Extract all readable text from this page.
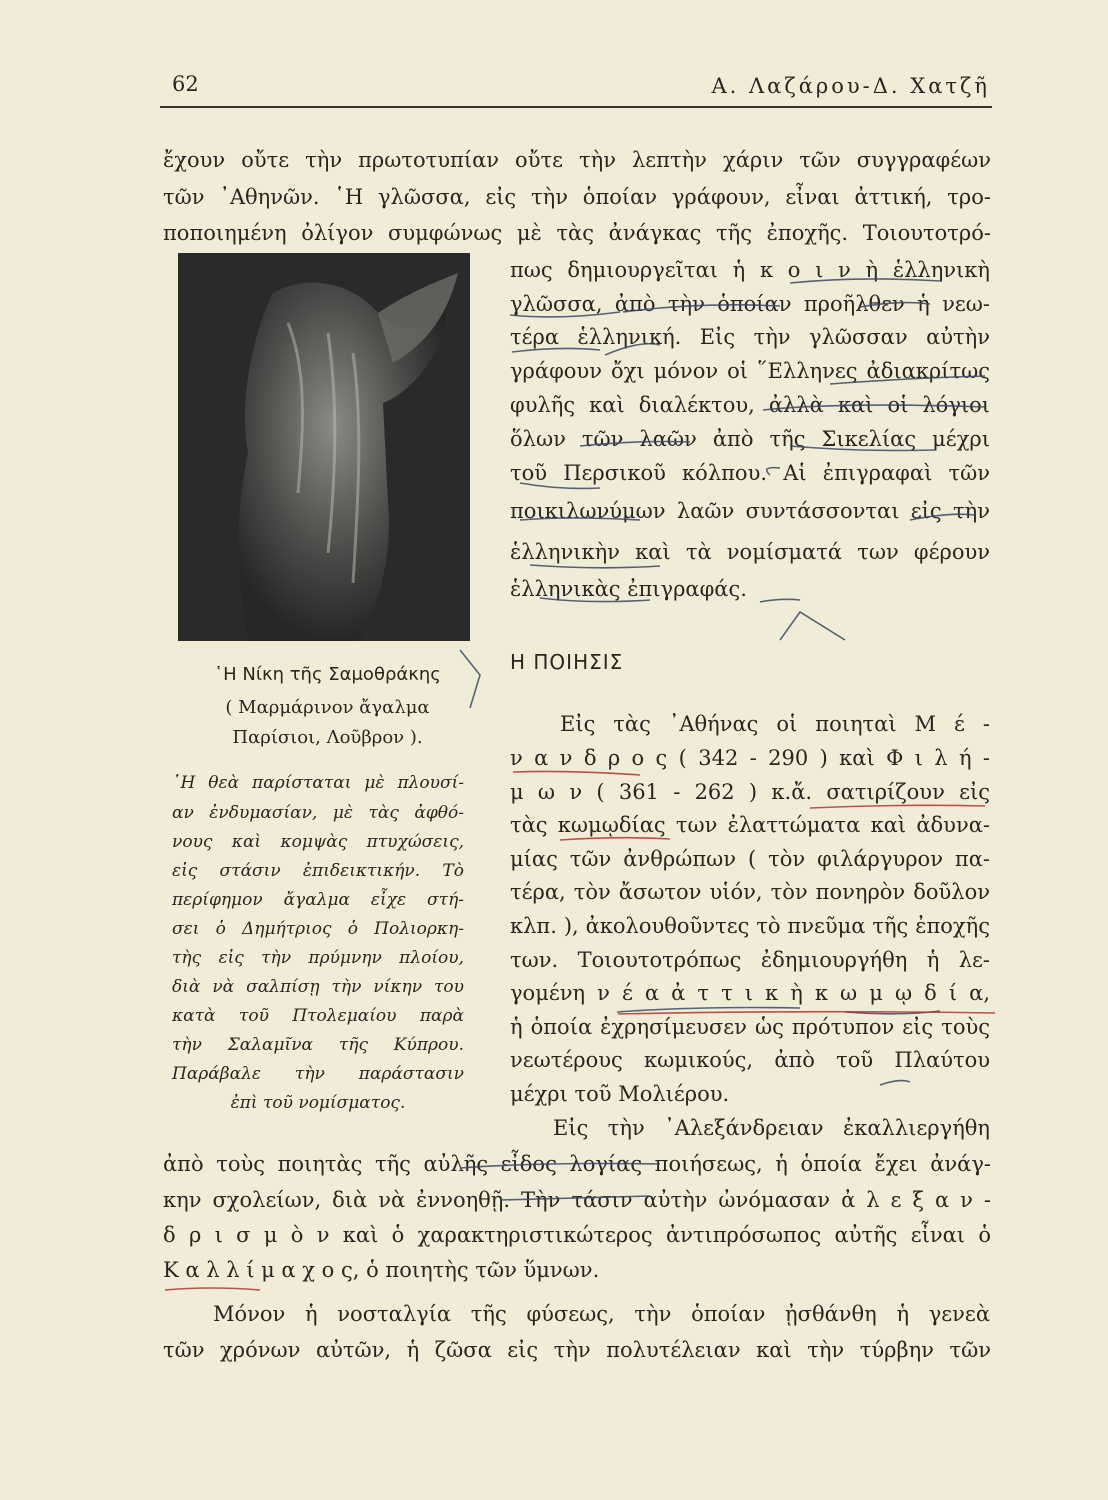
62	Α. Λαζάρου-Δ. Χατζῆ
ἔχουν οὔτε τὴν πρωτοτυπίαν οὔτε τὴν λεπτὴν χάριν τῶν συγγραφέων
τῶν ᾿Αθηνῶν. ῾Η γλῶσσα, εἰς τὴν ὁποίαν γράφουν, εἶναι ἀττική, τρο-
ποποιημένη ὀλίγον συμφώνως μὲ τὰς ἀνάγκας τῆς ἐποχῆς. Τοιουτοτρό-
πως δημιουργεῖται ἡ κ ο ι ν ὴ ἑλληνικὴ
γλῶσσα, ἀπὸ τὴν ὁποίαν προῆλθεν ἡ νεω-
τέρα ἑλληνική. Εἰς τὴν γλῶσσαν αὐτὴν
γράφουν ὄχι μόνον οἱ ῞Ελληνες ἀδιακρίτως
φυλῆς καὶ διαλέκτου, ἀλλὰ καὶ οἱ λόγιοι
ὅλων τῶν λαῶν ἀπὸ τῆς Σικελίας μέχρι
τοῦ Περσικοῦ κόλπου. Αἱ ἐπιγραφαὶ τῶν
ποικιλωνύμων λαῶν συντάσσονται εἰς τὴν
ἑλληνικὴν καὶ τὰ νομίσματά των φέρουν
ἑλληνικὰς ἐπιγραφάς.
῾Η Νίκη τῆς Σαμοθράκης
( Μαρμάρινον ἄγαλμα
Παρίσιοι, Λοῦβρον ).
῾Η θεὰ παρίσταται μὲ πλουσί-
αν ἐνδυμασίαν, μὲ τὰς ἀφθό-
νους καὶ κομψὰς πτυχώσεις,
εἰς στάσιν ἐπιδεικτικήν. Τὸ
περίφημον ἄγαλμα εἶχε στή-
σει ὁ Δημήτριος ὁ Πολιορκη-
τὴς εἰς τὴν πρύμνην πλοίου,
διὰ νὰ σαλπίσῃ τὴν νίκην του
κατὰ τοῦ Πτολεμαίου παρὰ
τὴν Σαλαμῖνα τῆς Κύπρου.
Παράβαλε τὴν παράστασιν
ἐπὶ τοῦ νομίσματος.
Η ΠΟΙΗΣΙΣ
Εἰς τὰς ᾿Αθήνας οἱ ποιηταὶ Μ έ -
ν α ν δ ρ ο ς ( 342 - 290 ) καὶ Φ ι λ ή -
μ ω ν ( 361 - 262 ) κ.ἄ. σατιρίζουν εἰς
τὰς κωμῳδίας των ἐλαττώματα καὶ ἀδυνα-
μίας τῶν ἀνθρώπων ( τὸν φιλάργυρον πα-
τέρα, τὸν ἄσωτον υἱόν, τὸν πονηρὸν δοῦλον
κλπ. ), ἀκολουθοῦντες τὸ πνεῦμα τῆς ἐποχῆς
των. Τοιουτοτρόπως ἐδημιουργήθη ἡ λε-
γομένη ν έ α ἀ τ τ ι κ ὴ κ ω μ ῳ δ ί α,
ἡ ὁποία ἐχρησίμευσεν ὡς πρότυπον εἰς τοὺς
νεωτέρους κωμικούς, ἀπὸ τοῦ Πλαύτου
μέχρι τοῦ Μολιέρου.
Εἰς τὴν ᾿Αλεξάνδρειαν ἐκαλλιεργήθη
ἀπὸ τοὺς ποιητὰς τῆς αὐλῆς εἶδος λογίας ποιήσεως, ἡ ὁποία ἔχει ἀνάγ-
κην σχολείων, διὰ νὰ ἐννοηθῇ. Τὴν τάσιν αὐτὴν ὠνόμασαν ἀ λ ε ξ α ν -
δ ρ ι σ μ ὸ ν καὶ ὁ χαρακτηριστικώτερος ἀντιπρόσωπος αὐτῆς εἶναι ὁ
Κ α λ λ ί μ α χ ο ς, ὁ ποιητὴς τῶν ὕμνων.
Μόνον ἡ νοσταλγία τῆς φύσεως, τὴν ὁποίαν ᾐσθάνθη ἡ γενεὰ
τῶν χρόνων αὐτῶν, ἡ ζῶσα εἰς τὴν πολυτέλειαν καὶ τὴν τύρβην τῶν
